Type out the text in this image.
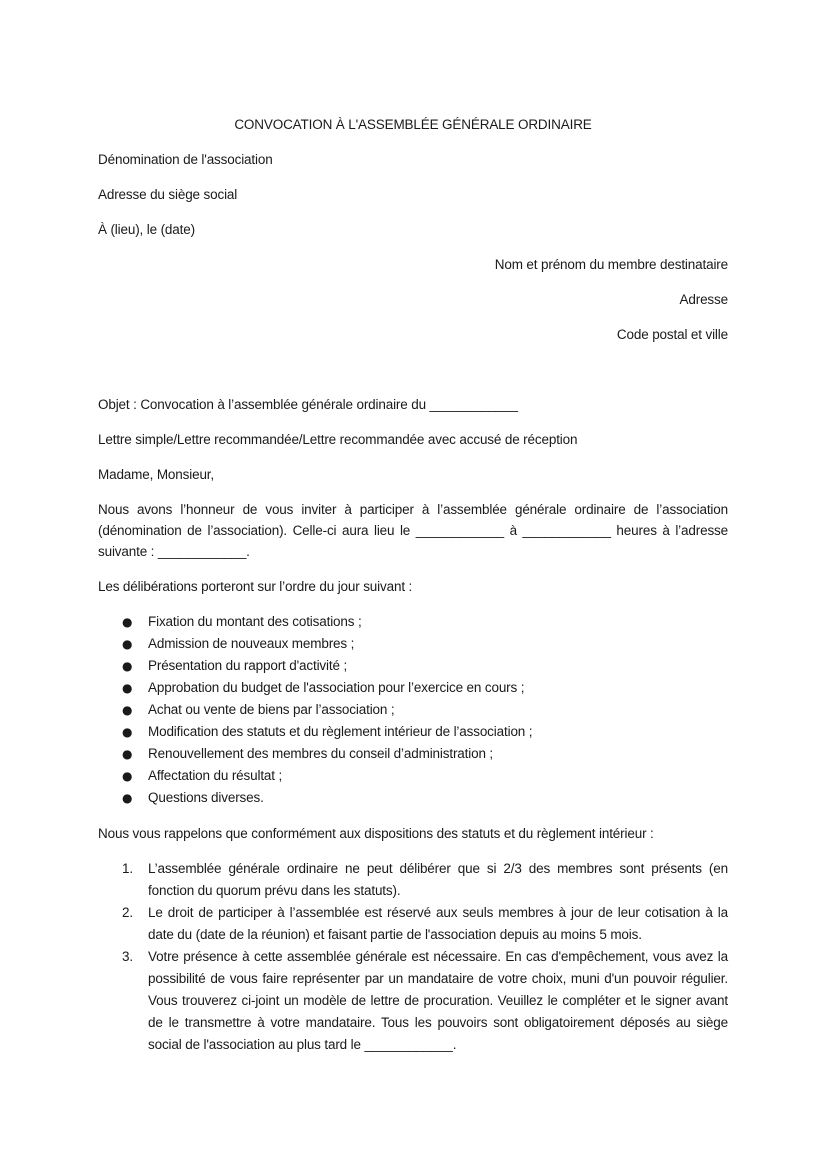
CONVOCATION À L'ASSEMBLÉE GÉNÉRALE ORDINAIRE

Dénomination de l'association

Adresse du siège social

À (lieu), le (date)

Nom et prénom du membre destinataire

Adresse

Code postal et ville

Objet : Convocation à l’assemblée générale ordinaire du ____________

Lettre simple/Lettre recommandée/Lettre recommandée avec accusé de réception

Madame, Monsieur,

Nous avons l’honneur de vous inviter à participer à l’assemblée générale ordinaire de l’association (dénomination de l’association). Celle-ci aura lieu le ____________ à ____________ heures à l’adresse suivante : ____________.

Les délibérations porteront sur l’ordre du jour suivant :

●	Fixation du montant des cotisations ;
●	Admission de nouveaux membres ;
●	Présentation du rapport d'activité ;
●	Approbation du budget de l'association pour l’exercice en cours ;
●	Achat ou vente de biens par l’association ;
●	Modification des statuts et du règlement intérieur de l’association ;
●	Renouvellement des membres du conseil d’administration ;
●	Affectation du résultat ;
●	Questions diverses.

Nous vous rappelons que conformément aux dispositions des statuts et du règlement intérieur :

1.	L’assemblée générale ordinaire ne peut délibérer que si 2/3 des membres sont présents (en fonction du quorum prévu dans les statuts).
2.	Le droit de participer à l’assemblée est réservé aux seuls membres à jour de leur cotisation à la date du (date de la réunion) et faisant partie de l'association depuis au moins 5 mois.
3.	Votre présence à cette assemblée générale est nécessaire. En cas d'empêchement, vous avez la possibilité de vous faire représenter par un mandataire de votre choix, muni d'un pouvoir régulier. Vous trouverez ci-joint un modèle de lettre de procuration. Veuillez le compléter et le signer avant de le transmettre à votre mandataire. Tous les pouvoirs sont obligatoirement déposés au siège social de l'association au plus tard le ____________.
